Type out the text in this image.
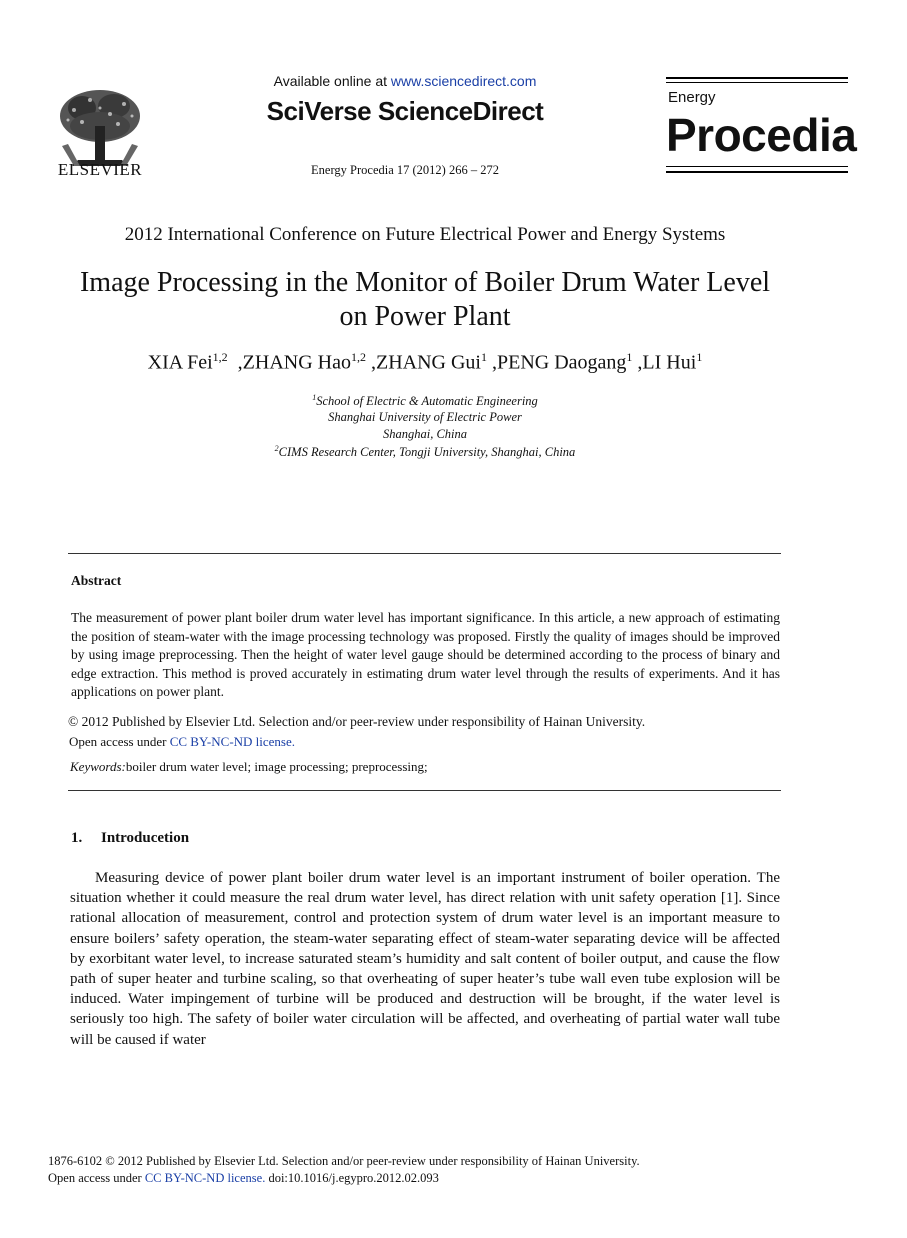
ELSEVIER
Available online at www.sciencedirect.com
SciVerse ScienceDirect
Energy Procedia 17 (2012) 266 – 272
Energy
Procedia
2012 International Conference on Future Electrical Power and Energy Systems
Image Processing in the Monitor of Boiler Drum Water Level
on Power Plant
XIA Fei$^{1,2}$ ,ZHANG Hao$^{1,2}$ ,ZHANG Gui$^1$ ,PENG Daogang$^1$ ,LI Hui$^1$
$^1$School of Electric & Automatic Engineering
Shanghai University of Electric Power
Shanghai, China
$^2$CIMS Research Center, Tongji University, Shanghai, China
Abstract
The measurement of power plant boiler drum water level has important significance. In this article, a new approach of estimating the position of steam-water with the image processing technology was proposed. Firstly the quality of images should be improved by using image preprocessing. Then the height of water level gauge should be determined according to the process of binary and edge extraction. This method is proved accurately in estimating drum water level through the results of experiments. And it has applications on power plant.
© 2012 Published by Elsevier Ltd. Selection and/or peer-review under responsibility of Hainan University.
Open access under CC BY-NC-ND license.
Keywords:boiler drum water level; image processing; preprocessing;
1. Introducetion
Measuring device of power plant boiler drum water level is an important instrument of boiler operation. The situation whether it could measure the real drum water level, has direct relation with unit safety operation [1]. Since rational allocation of measurement, control and protection system of drum water level is an important measure to ensure boilers’ safety operation, the steam-water separating effect of steam-water separating device will be affected by exorbitant water level, to increase saturated steam’s humidity and salt content of boiler output, and cause the flow path of super heater and turbine scaling, so that overheating of super heater’s tube wall even tube explosion will be induced. Water impingement of turbine will be produced and destruction will be brought, if the water level is seriously too high. The safety of boiler water circulation will be affected, and overheating of partial water wall tube will be caused if water
1876-6102 © 2012 Published by Elsevier Ltd. Selection and/or peer-review under responsibility of Hainan University.
Open access under CC BY-NC-ND license. doi:10.1016/j.egypro.2012.02.093
